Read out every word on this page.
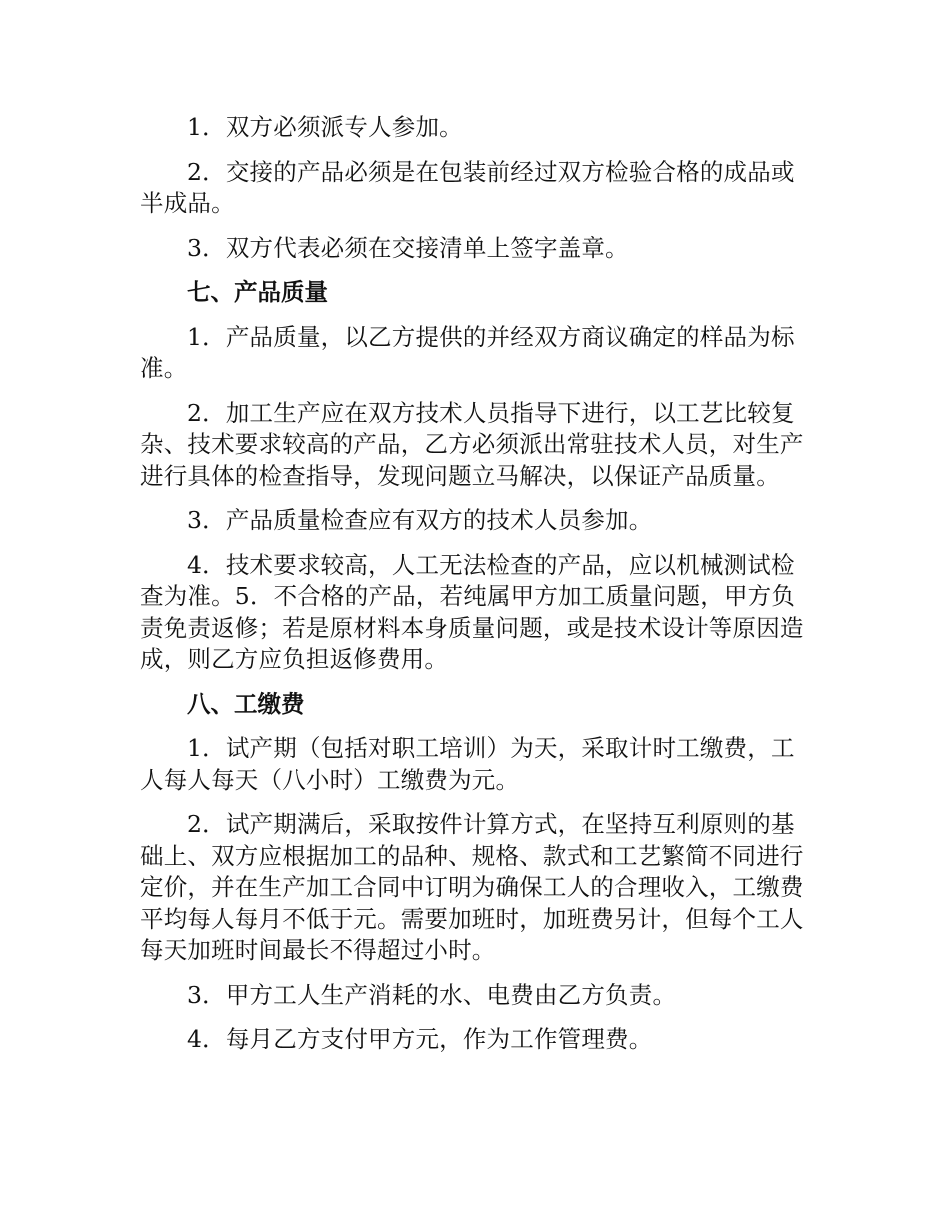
1．双方必须派专人参加。

2．交接的产品必须是在包装前经过双方检验合格的成品或半成品。

3．双方代表必须在交接清单上签字盖章。

七、产品质量

1．产品质量，以乙方提供的并经双方商议确定的样品为标准。

2．加工生产应在双方技术人员指导下进行，以工艺比较复杂、技术要求较高的产品，乙方必须派出常驻技术人员，对生产进行具体的检查指导，发现问题立马解决，以保证产品质量。

3．产品质量检查应有双方的技术人员参加。

4．技术要求较高，人工无法检查的产品，应以机械测试检查为准。5．不合格的产品，若纯属甲方加工质量问题，甲方负责免责返修；若是原材料本身质量问题，或是技术设计等原因造成，则乙方应负担返修费用。

八、工缴费

1．试产期（包括对职工培训）为天，采取计时工缴费，工人每人每天（八小时）工缴费为元。

2．试产期满后，采取按件计算方式，在坚持互利原则的基础上、双方应根据加工的品种、规格、款式和工艺繁简不同进行定价，并在生产加工合同中订明为确保工人的合理收入，工缴费平均每人每月不低于元。需要加班时，加班费另计，但每个工人每天加班时间最长不得超过小时。

3．甲方工人生产消耗的水、电费由乙方负责。

4．每月乙方支付甲方元，作为工作管理费。
